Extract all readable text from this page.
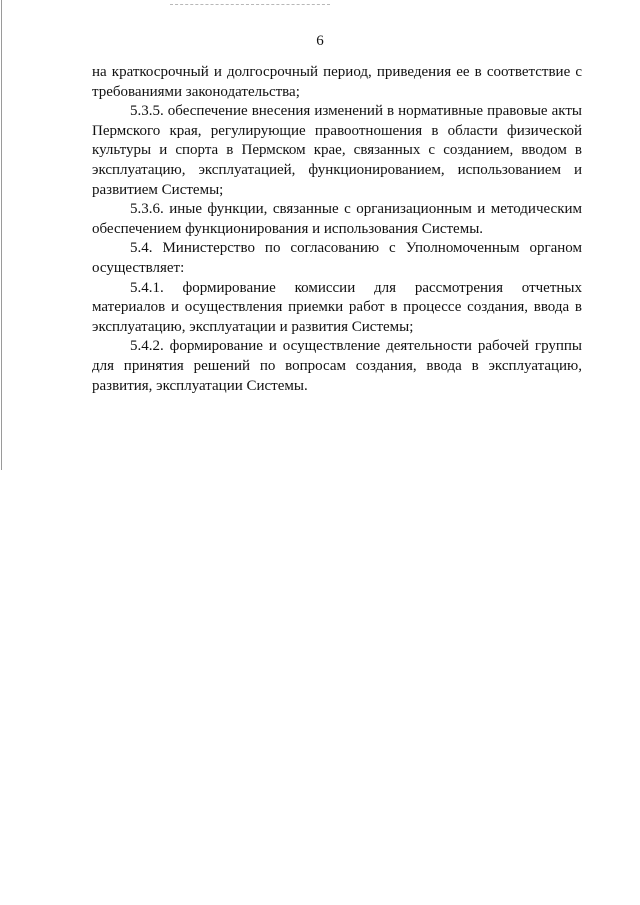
6

на краткосрочный и долгосрочный период, приведения ее в соответствие с требованиями законодательства;

5.3.5. обеспечение внесения изменений в нормативные правовые акты Пермского края, регулирующие правоотношения в области физической культуры и спорта в Пермском крае, связанных с созданием, вводом в эксплуатацию, эксплуатацией, функционированием, использованием и развитием Системы;

5.3.6. иные функции, связанные с организационным и методическим обеспечением функционирования и использования Системы.

5.4. Министерство по согласованию с Уполномоченным органом осуществляет:

5.4.1. формирование комиссии для рассмотрения отчетных материалов и осуществления приемки работ в процессе создания, ввода в эксплуатацию, эксплуатации и развития Системы;

5.4.2. формирование и осуществление деятельности рабочей группы для принятия решений по вопросам создания, ввода в эксплуатацию, развития, эксплуатации Системы.
